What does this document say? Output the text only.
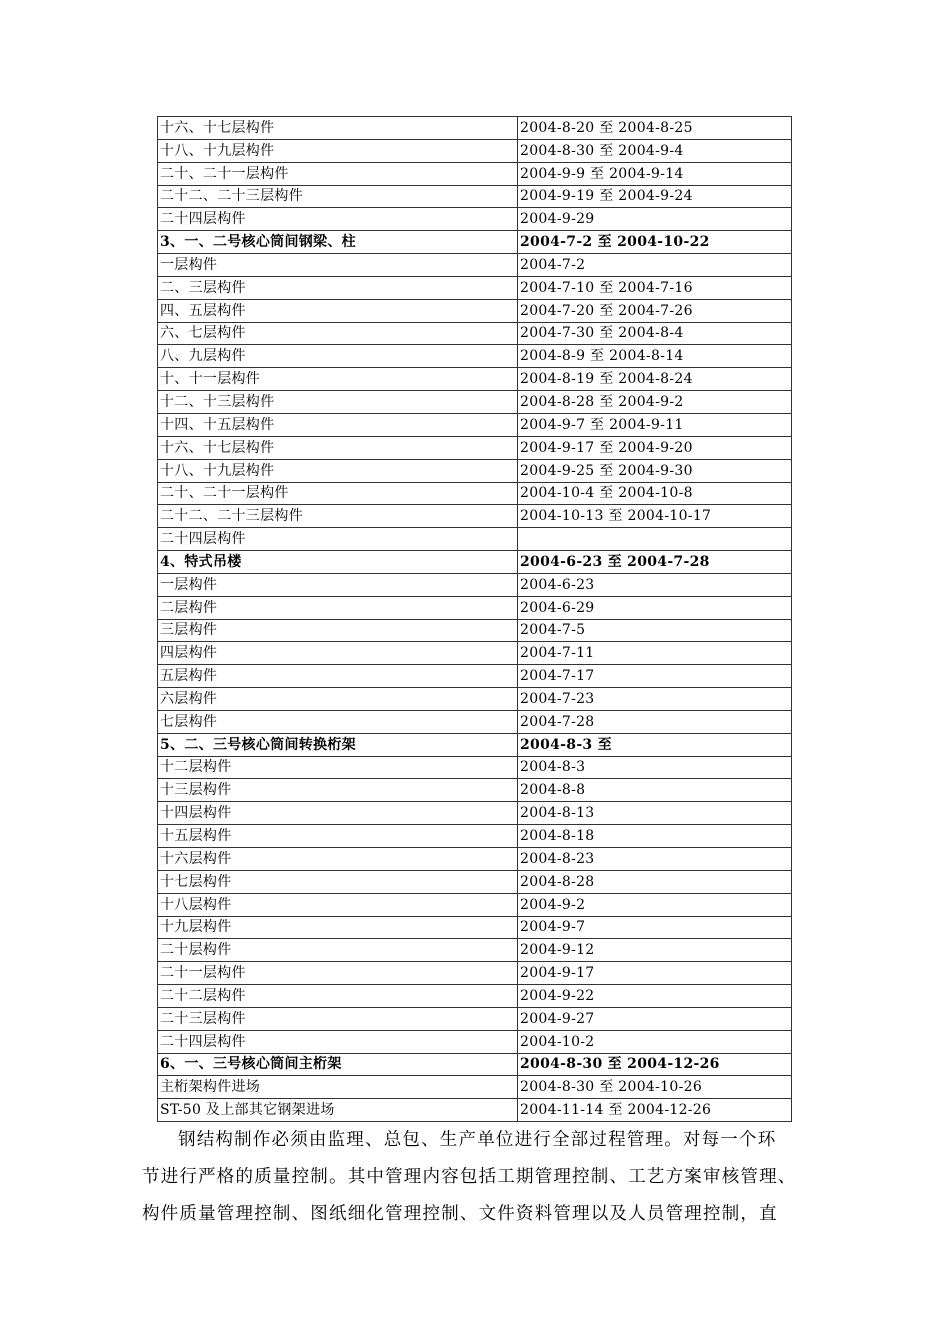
十六、十七层构件	2004-8-20 至 2004-8-25
十八、十九层构件	2004-8-30 至 2004-9-4
二十、二十一层构件	2004-9-9 至 2004-9-14
二十二、二十三层构件	2004-9-19 至 2004-9-24
二十四层构件	2004-9-29
3、一、二号核心筒间钢梁、柱	2004-7-2 至 2004-10-22
一层构件	2004-7-2
二、三层构件	2004-7-10 至 2004-7-16
四、五层构件	2004-7-20 至 2004-7-26
六、七层构件	2004-7-30 至 2004-8-4
八、九层构件	2004-8-9 至 2004-8-14
十、十一层构件	2004-8-19 至 2004-8-24
十二、十三层构件	2004-8-28 至 2004-9-2
十四、十五层构件	2004-9-7 至 2004-9-11
十六、十七层构件	2004-9-17 至 2004-9-20
十八、十九层构件	2004-9-25 至 2004-9-30
二十、二十一层构件	2004-10-4 至 2004-10-8
二十二、二十三层构件	2004-10-13 至 2004-10-17
二十四层构件	
4、特式吊楼	2004-6-23 至 2004-7-28
一层构件	2004-6-23
二层构件	2004-6-29
三层构件	2004-7-5
四层构件	2004-7-11
五层构件	2004-7-17
六层构件	2004-7-23
七层构件	2004-7-28
5、二、三号核心筒间转换桁架	2004-8-3 至
十二层构件	2004-8-3
十三层构件	2004-8-8
十四层构件	2004-8-13
十五层构件	2004-8-18
十六层构件	2004-8-23
十七层构件	2004-8-28
十八层构件	2004-9-2
十九层构件	2004-9-7
二十层构件	2004-9-12
二十一层构件	2004-9-17
二十二层构件	2004-9-22
二十三层构件	2004-9-27
二十四层构件	2004-10-2
6、一、三号核心筒间主桁架	2004-8-30 至 2004-12-26
主桁架构件进场	2004-8-30 至 2004-10-26
ST-50 及上部其它钢架进场	2004-11-14 至 2004-12-26
钢结构制作必须由监理、总包、生产单位进行全部过程管理。对每一个环
节进行严格的质量控制。其中管理内容包括工期管理控制、工艺方案审核管理、
构件质量管理控制、图纸细化管理控制、文件资料管理以及人员管理控制，直
